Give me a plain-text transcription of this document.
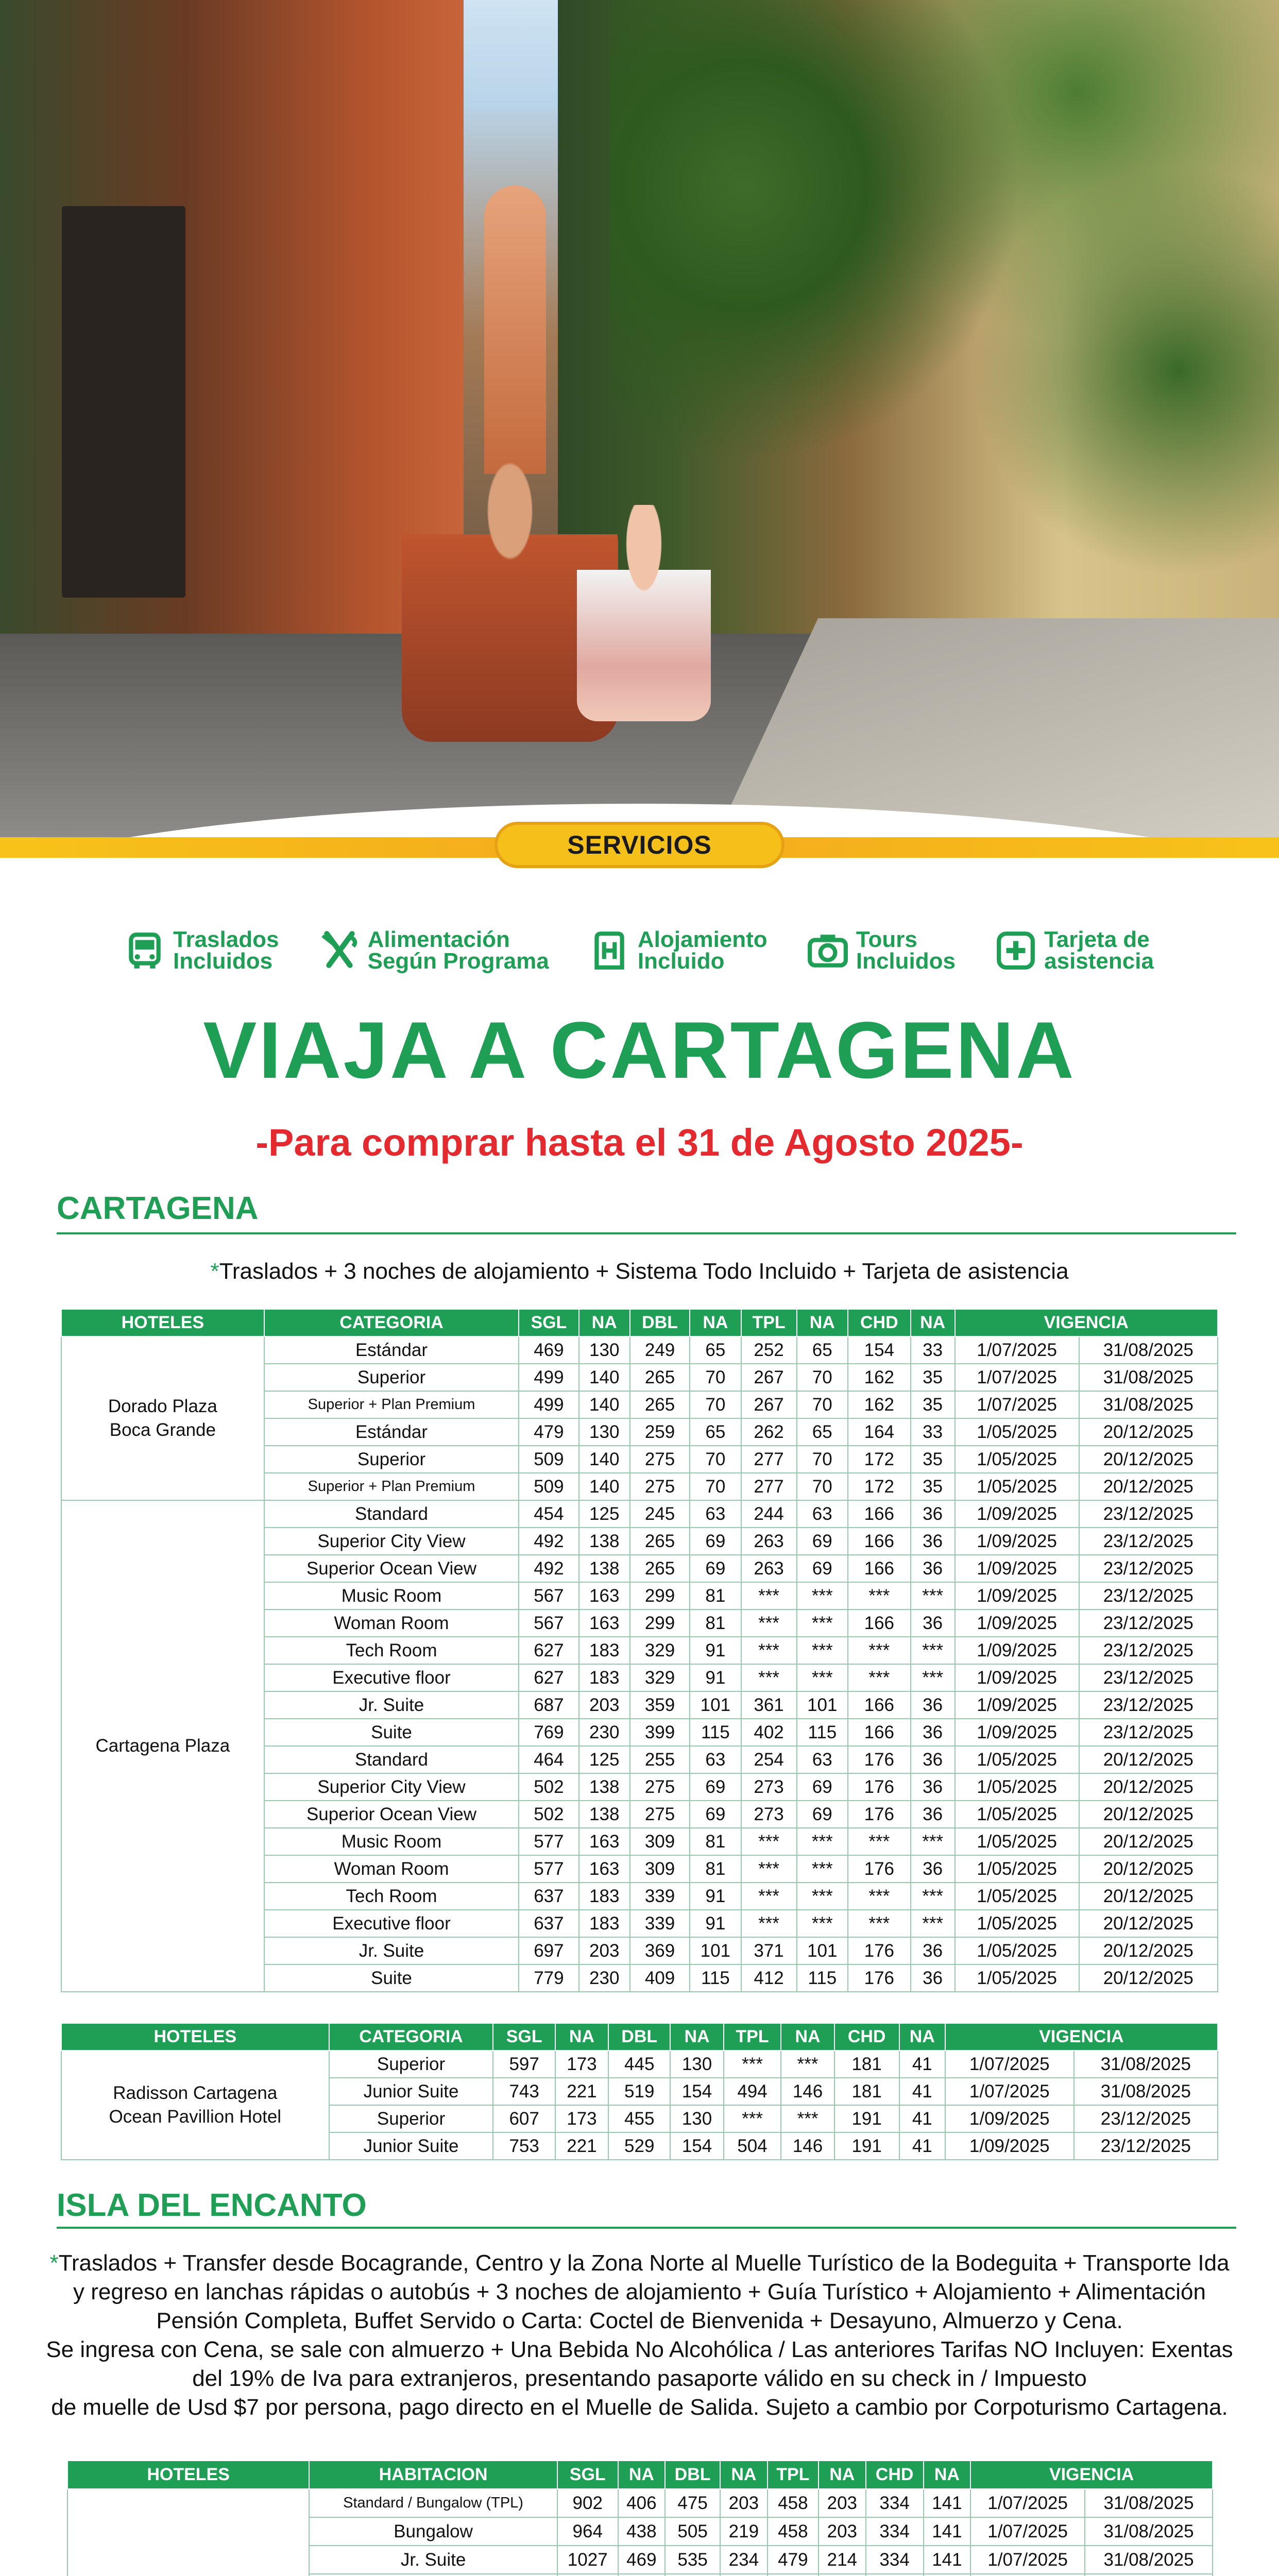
SERVICIOS
Traslados
Incluidos
Alimentación
Según Programa
Alojamiento
Incluido
Tours
Incluidos
Tarjeta de
asistencia
VIAJA A CARTAGENA
-Para comprar hasta el 31 de Agosto 2025-
CARTAGENA
*Traslados + 3 noches de alojamiento + Sistema Todo Incluido + Tarjeta de asistencia
HOTELES	CATEGORIA	SGL	NA	DBL	NA	TPL	NA	CHD	NA	VIGENCIA	
Dorado Plaza
Boca Grande	Estándar	469	130	249	65	252	65	154	33	1/07/2025	31/08/2025
	Superior	499	140	265	70	267	70	162	35	1/07/2025	31/08/2025
	Superior + Plan Premium	499	140	265	70	267	70	162	35	1/07/2025	31/08/2025
	Estándar	479	130	259	65	262	65	164	33	1/05/2025	20/12/2025
	Superior	509	140	275	70	277	70	172	35	1/05/2025	20/12/2025
	Superior + Plan Premium	509	140	275	70	277	70	172	35	1/05/2025	20/12/2025
Cartagena Plaza	Standard	454	125	245	63	244	63	166	36	1/09/2025	23/12/2025
	Superior City View	492	138	265	69	263	69	166	36	1/09/2025	23/12/2025
	Superior Ocean View	492	138	265	69	263	69	166	36	1/09/2025	23/12/2025
	Music Room	567	163	299	81	***	***	***	***	1/09/2025	23/12/2025
	Woman Room	567	163	299	81	***	***	166	36	1/09/2025	23/12/2025
	Tech Room	627	183	329	91	***	***	***	***	1/09/2025	23/12/2025
	Executive floor	627	183	329	91	***	***	***	***	1/09/2025	23/12/2025
	Jr. Suite	687	203	359	101	361	101	166	36	1/09/2025	23/12/2025
	Suite	769	230	399	115	402	115	166	36	1/09/2025	23/12/2025
	Standard	464	125	255	63	254	63	176	36	1/05/2025	20/12/2025
	Superior City View	502	138	275	69	273	69	176	36	1/05/2025	20/12/2025
	Superior Ocean View	502	138	275	69	273	69	176	36	1/05/2025	20/12/2025
	Music Room	577	163	309	81	***	***	***	***	1/05/2025	20/12/2025
	Woman Room	577	163	309	81	***	***	176	36	1/05/2025	20/12/2025
	Tech Room	637	183	339	91	***	***	***	***	1/05/2025	20/12/2025
	Executive floor	637	183	339	91	***	***	***	***	1/05/2025	20/12/2025
	Jr. Suite	697	203	369	101	371	101	176	36	1/05/2025	20/12/2025
	Suite	779	230	409	115	412	115	176	36	1/05/2025	20/12/2025
HOTELES	CATEGORIA	SGL	NA	DBL	NA	TPL	NA	CHD	NA	VIGENCIA	
Radisson Cartagena
Ocean Pavillion Hotel	Superior	597	173	445	130	***	***	181	41	1/07/2025	31/08/2025
	Junior Suite	743	221	519	154	494	146	181	41	1/07/2025	31/08/2025
	Superior	607	173	455	130	***	***	191	41	1/09/2025	23/12/2025
	Junior Suite	753	221	529	154	504	146	191	41	1/09/2025	23/12/2025
ISLA DEL ENCANTO
*Traslados + Transfer desde Bocagrande, Centro y la Zona Norte al Muelle Turístico de la Bodeguita + Transporte Ida
y regreso en lanchas rápidas o autobús + 3 noches de alojamiento + Guía Turístico + Alojamiento + Alimentación
Pensión Completa, Buffet Servido o Carta: Coctel de Bienvenida + Desayuno, Almuerzo y Cena.
Se ingresa con Cena, se sale con almuerzo + Una Bebida No Alcohólica / Las anteriores Tarifas NO Incluyen: Exentas
del 19% de Iva para extranjeros, presentando pasaporte válido en su check in / Impuesto
de muelle de Usd $7 por persona, pago directo en el Muelle de Salida. Sujeto a cambio por Corpoturismo Cartagena.
HOTELES	HABITACION	SGL	NA	DBL	NA	TPL	NA	CHD	NA	VIGENCIA	
	Standard / Bungalow (TPL)	902	406	475	203	458	203	334	141	1/07/2025	31/08/2025
	Bungalow	964	438	505	219	458	203	334	141	1/07/2025	31/08/2025
	Jr. Suite	1027	469	535	234	479	214	334	141	1/07/2025	31/08/2025
